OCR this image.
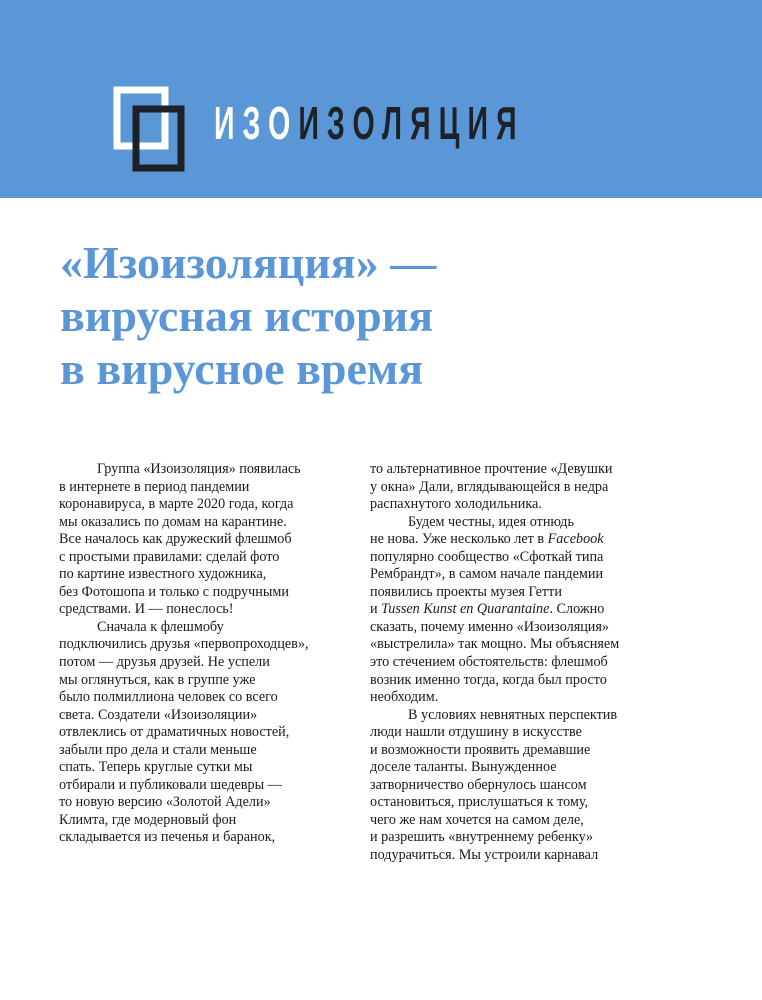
ИЗОИЗОЛЯЦИЯ
«Изоизоляция» —
вирусная история
в вирусное время
Группа «Изоизоляция» появилась
в интернете в период пандемии
коронавируса, в марте 2020 года, когда
мы оказались по домам на карантине.
Все началось как дружеский флешмоб
с простыми правилами: сделай фото
по картине известного художника,
без Фотошопа и только с подручными
средствами. И — понеслось!
Сначала к флешмобу
подключились друзья «первопроходцев»,
потом — друзья друзей. Не успели
мы оглянуться, как в группе уже
было полмиллиона человек со всего
света. Создатели «Изоизоляции»
отвлеклись от драматичных новостей,
забыли про дела и стали меньше
спать. Теперь круглые сутки мы
отбирали и публиковали шедевры —
то новую версию «Золотой Адели»
Климта, где модерновый фон
складывается из печенья и баранок,
то альтернативное прочтение «Девушки
у окна» Дали, вглядывающейся в недра
распахнутого холодильника.
Будем честны, идея отнюдь
не нова. Уже несколько лет в Facebook
популярно сообщество «Сфоткай типа
Рембрандт», в самом начале пандемии
появились проекты музея Гетти
и Tussen Kunst en Quarantaine. Сложно
сказать, почему именно «Изоизоляция»
«выстрелила» так мощно. Мы объясняем
это стечением обстоятельств: флешмоб
возник именно тогда, когда был просто
необходим.
В условиях невнятных перспектив
люди нашли отдушину в искусстве
и возможности проявить дремавшие
доселе таланты. Вынужденное
затворничество обернулось шансом
остановиться, прислушаться к тому,
чего же нам хочется на самом деле,
и разрешить «внутреннему ребенку»
подурачиться. Мы устроили карнавал
